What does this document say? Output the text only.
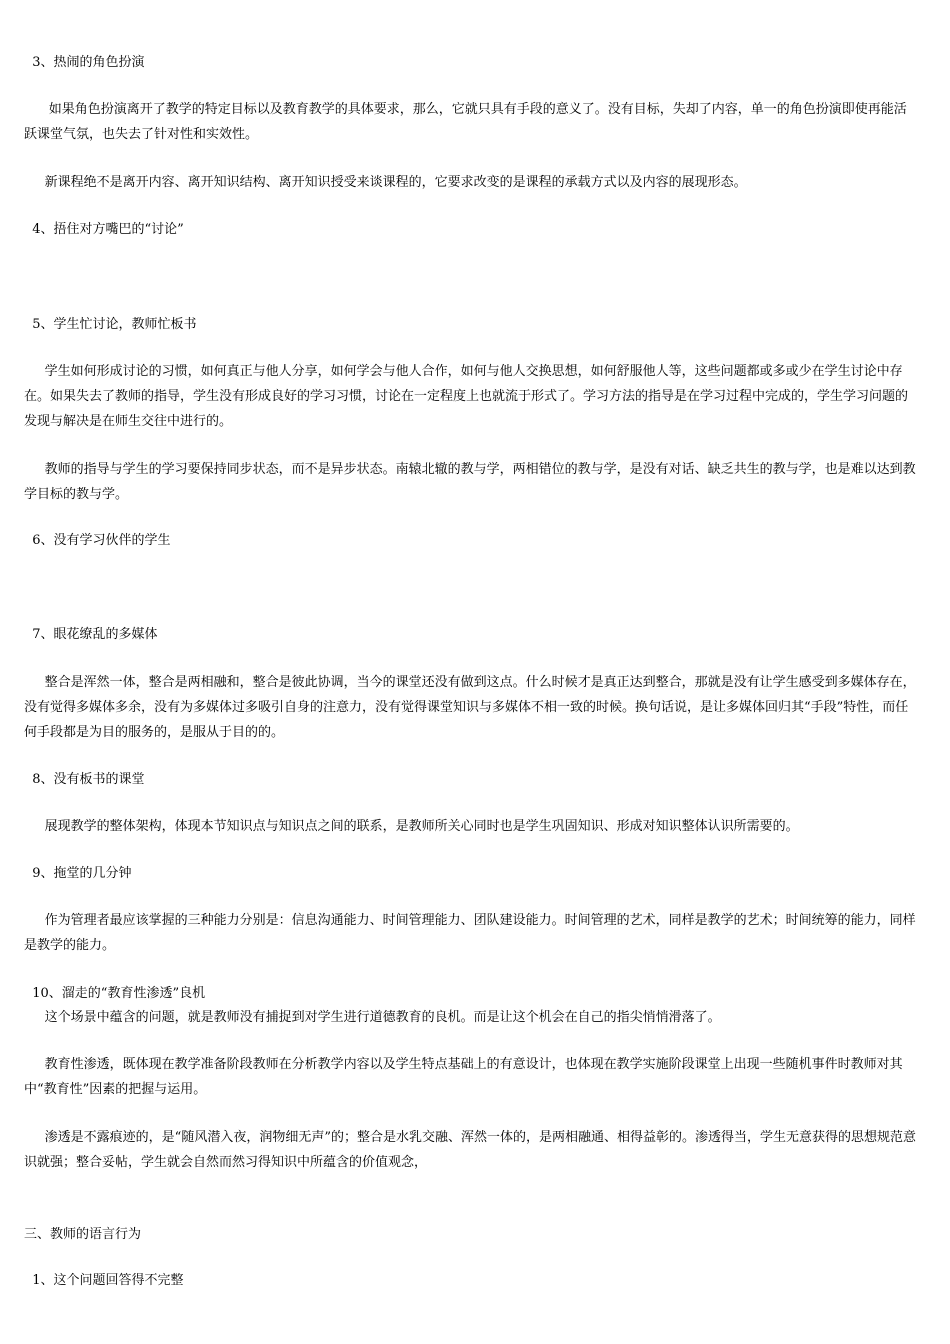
3、热闹的角色扮演
如果角色扮演离开了教学的特定目标以及教育教学的具体要求，那么，它就只具有手段的意义了。没有目标，失却了内容，单一的角色扮演即使再能活跃课堂气氛，也失去了针对性和实效性。
新课程绝不是离开内容、离开知识结构、离开知识授受来谈课程的，它要求改变的是课程的承载方式以及内容的展现形态。
4、捂住对方嘴巴的“讨论”
5、学生忙讨论，教师忙板书
学生如何形成讨论的习惯，如何真正与他人分享，如何学会与他人合作，如何与他人交换思想，如何舒服他人等，这些问题都或多或少在学生讨论中存在。如果失去了教师的指导，学生没有形成良好的学习习惯，讨论在一定程度上也就流于形式了。学习方法的指导是在学习过程中完成的，学生学习问题的发现与解决是在师生交往中进行的。
教师的指导与学生的学习要保持同步状态，而不是异步状态。南辕北辙的教与学，两相错位的教与学，是没有对话、缺乏共生的教与学，也是难以达到教学目标的教与学。
6、没有学习伙伴的学生
7、眼花缭乱的多媒体
整合是浑然一体，整合是两相融和，整合是彼此协调，当今的课堂还没有做到这点。什么时候才是真正达到整合，那就是没有让学生感受到多媒体存在，没有觉得多媒体多余，没有为多媒体过多吸引自身的注意力，没有觉得课堂知识与多媒体不相一致的时候。换句话说，是让多媒体回归其“手段”特性，而任何手段都是为目的服务的，是服从于目的的。
8、没有板书的课堂
展现教学的整体架构，体现本节知识点与知识点之间的联系，是教师所关心同时也是学生巩固知识、形成对知识整体认识所需要的。
9、拖堂的几分钟
作为管理者最应该掌握的三种能力分别是：信息沟通能力、时间管理能力、团队建设能力。时间管理的艺术，同样是教学的艺术；时间统筹的能力，同样是教学的能力。
10、溜走的“教育性渗透”良机
这个场景中蕴含的问题，就是教师没有捕捉到对学生进行道德教育的良机。而是让这个机会在自己的指尖悄悄滑落了。
教育性渗透，既体现在教学准备阶段教师在分析教学内容以及学生特点基础上的有意设计，也体现在教学实施阶段课堂上出现一些随机事件时教师对其中“教育性”因素的把握与运用。
渗透是不露痕迹的，是“随风潜入夜，润物细无声”的；整合是水乳交融、浑然一体的，是两相融通、相得益彰的。渗透得当，学生无意获得的思想规范意识就强；整合妥帖，学生就会自然而然习得知识中所蕴含的价值观念，
三、教师的语言行为
1、这个问题回答得不完整
